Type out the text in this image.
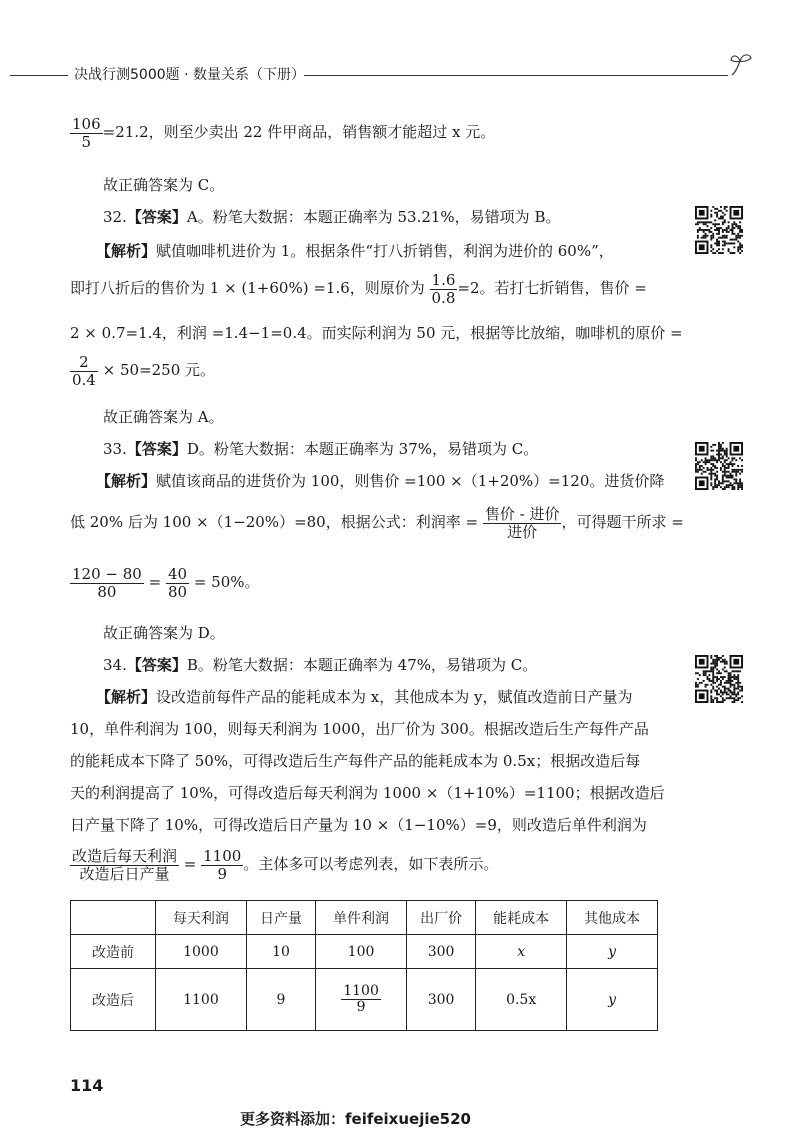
决战行测5000题 · 数量关系（下册）
$\frac{106}{5} =21.2$，则至少卖出 22 件甲商品，销售额才能超过 x 元。
故正确答案为 C。
32.【答案】A。粉笔大数据：本题正确率为 53.21%，易错项为 B。
【解析】赋值咖啡机进价为 1。根据条件“打八折销售，利润为进价的 60%”，
即打八折后的售价为 1 × (1+60%) =1.6，则原价为 $\frac{1.6}{0.8} =2$。若打七折销售，售价 =
2 × 0.7=1.4，利润 =1.4−1=0.4。而实际利润为 50 元，根据等比放缩，咖啡机的原价 =
$\frac{2}{0.4} \times 50=250$ 元。
故正确答案为 A。
33.【答案】D。粉笔大数据：本题正确率为 37%，易错项为 C。
【解析】赋值该商品的进货价为 100，则售价 =100 ×（1+20%）=120。进货价降
低 20% 后为 100 ×（1−20%）=80，根据公式：利润率 = $\frac{\text{售价 - 进价}}{\text{进价}}$ ，可得题干所求 =
$\frac{120 - 80}{80} = \frac{40}{80} = 50\%$。
故正确答案为 D。
34.【答案】B。粉笔大数据：本题正确率为 47%，易错项为 C。
【解析】设改造前每件产品的能耗成本为 x，其他成本为 y，赋值改造前日产量为
10，单件利润为 100，则每天利润为 1000，出厂价为 300。根据改造后生产每件产品
的能耗成本下降了 50%，可得改造后生产每件产品的能耗成本为 0.5x；根据改造后每
天的利润提高了 10%，可得改造后每天利润为 1000 ×（1+10%）=1100；根据改造后
日产量下降了 10%，可得改造后日产量为 10 ×（1−10%）=9，则改造后单件利润为
$\frac{\text{改造后每天利润}}{\text{改造后日产量}} = \frac{1100}{9}$ 。主体多可以考虑列表，如下表所示。
	每天利润	日产量	单件利润	出厂价	能耗成本	其他成本
改造前	1000	10	100	300	x	y
改造后	1100	9	$\frac{1100}{9}$	300	0.5x	y
114
更多资料添加：feifeixuejie520
